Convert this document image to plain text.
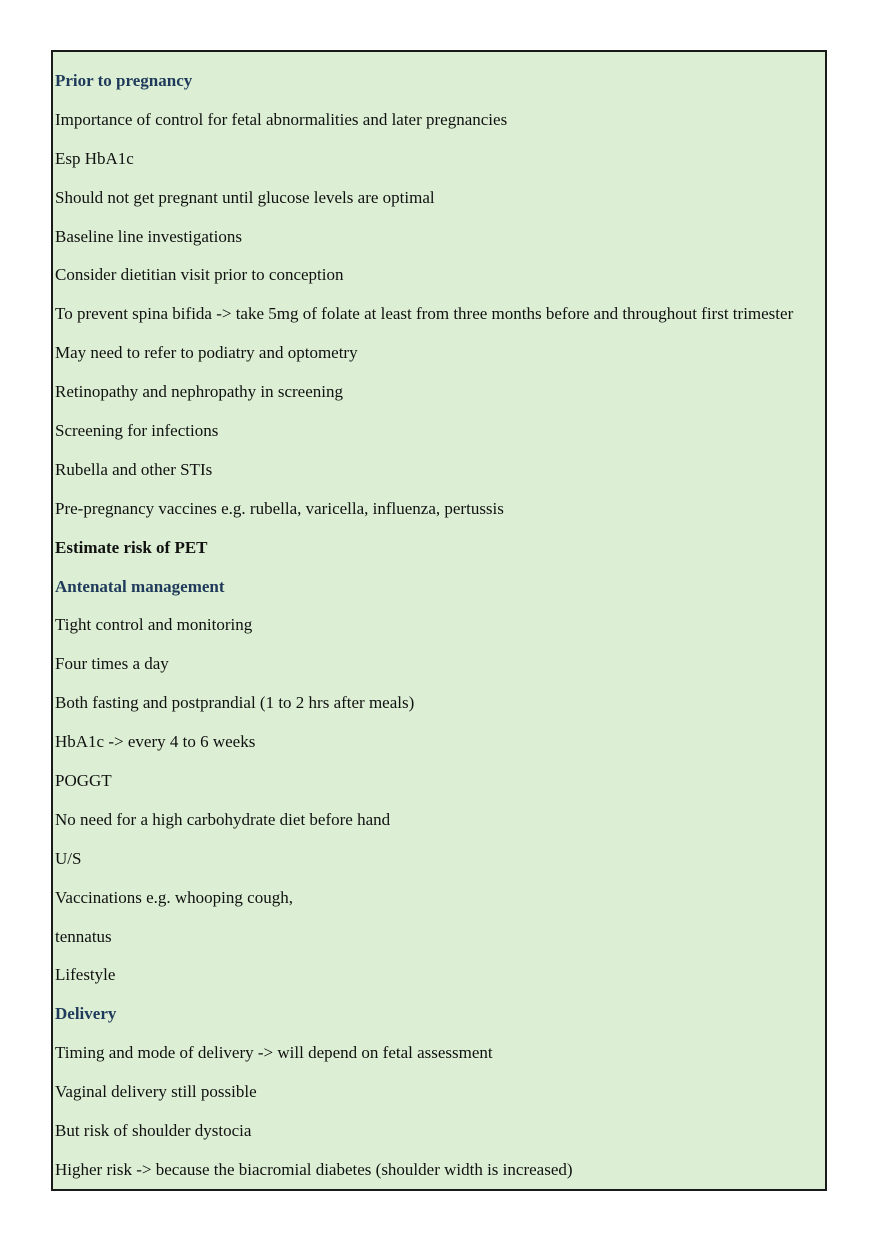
Prior to pregnancy
Importance of control for fetal abnormalities and later pregnancies
Esp HbA1c
Should not get pregnant until glucose levels are optimal
Baseline line investigations
Consider dietitian visit prior to conception
To prevent spina bifida -> take 5mg of folate at least from three months before and throughout first trimester
May need to refer to podiatry and optometry
Retinopathy and nephropathy in screening
Screening for infections
Rubella and other STIs
Pre-pregnancy vaccines e.g. rubella, varicella, influenza, pertussis
Estimate risk of PET
Antenatal management
Tight control and monitoring
Four times a day
Both fasting and postprandial (1 to 2 hrs after meals)
HbA1c -> every 4 to 6 weeks
POGGT
No need for a high carbohydrate diet before hand
U/S
Vaccinations e.g. whooping cough,
tennatus
Lifestyle
Delivery
Timing and mode of delivery -> will depend on fetal assessment
Vaginal delivery still possible
But risk of shoulder dystocia
Higher risk -> because the biacromial diabetes (shoulder width is increased)
